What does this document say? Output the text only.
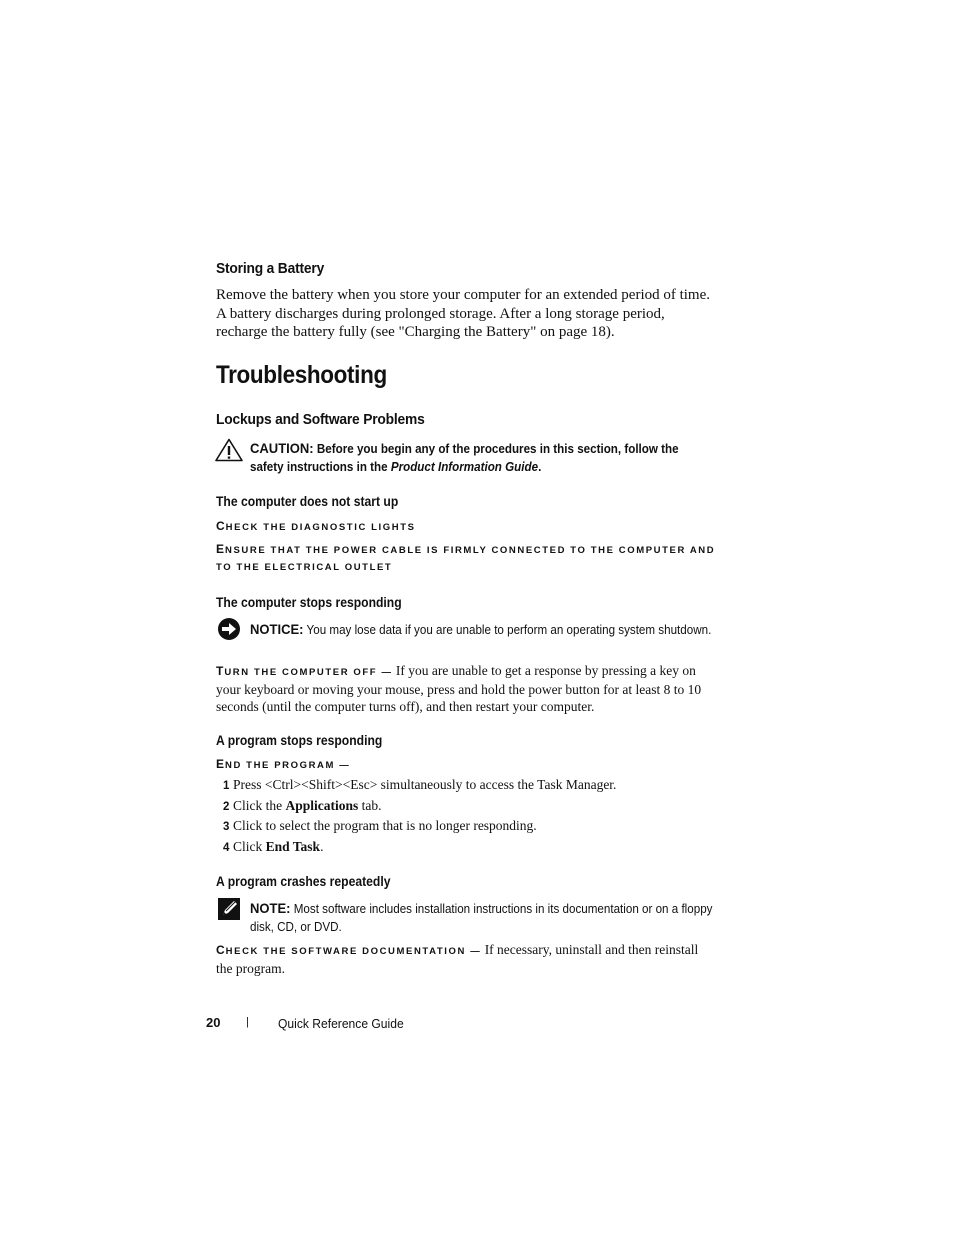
Storing a Battery
Remove the battery when you store your computer for an extended period of time. A battery discharges during prolonged storage. After a long storage period, recharge the battery fully (see "Charging the Battery" on page 18).
Troubleshooting
Lockups and Software Problems
CAUTION: Before you begin any of the procedures in this section, follow the safety instructions in the Product Information Guide.
The computer does not start up
CHECK THE DIAGNOSTIC LIGHTS
ENSURE THAT THE POWER CABLE IS FIRMLY CONNECTED TO THE COMPUTER AND TO THE ELECTRICAL OUTLET
The computer stops responding
NOTICE: You may lose data if you are unable to perform an operating system shutdown.
TURN THE COMPUTER OFF — If you are unable to get a response by pressing a key on your keyboard or moving your mouse, press and hold the power button for at least 8 to 10 seconds (until the computer turns off), and then restart your computer.
A program stops responding
END THE PROGRAM —
1 Press <Ctrl><Shift><Esc> simultaneously to access the Task Manager.
2 Click the Applications tab.
3 Click to select the program that is no longer responding.
4 Click End Task.
A program crashes repeatedly
NOTE: Most software includes installation instructions in its documentation or on a floppy disk, CD, or DVD.
CHECK THE SOFTWARE DOCUMENTATION — If necessary, uninstall and then reinstall the program.
20 | Quick Reference Guide
